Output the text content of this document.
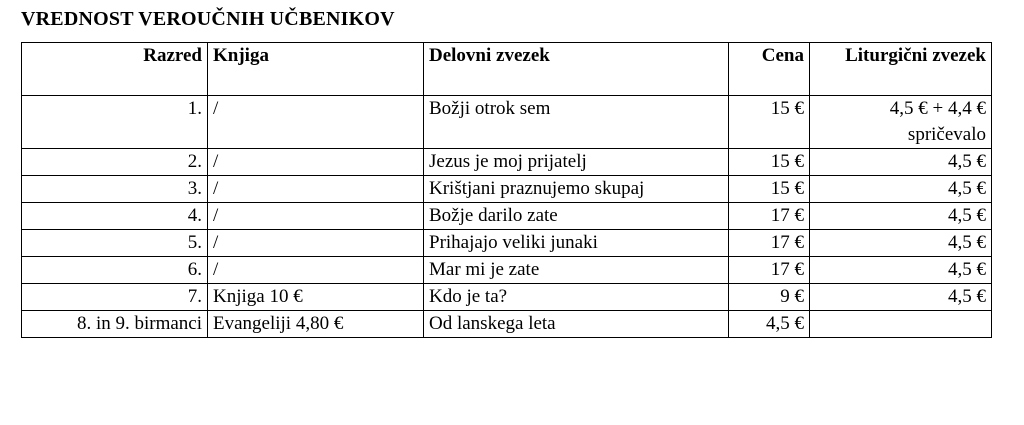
VREDNOST VEROUČNIH UČBENIKOV
Razred	Knjiga	Delovni zvezek	Cena	Liturgični zvezek
1.	/	Božji otrok sem	15 €	4,5 € + 4,4 € spričevalo
2.	/	Jezus je moj prijatelj	15 €	4,5 €
3.	/	Krištjani praznujemo skupaj	15 €	4,5 €
4.	/	Božje darilo zate	17 €	4,5 €
5.	/	Prihajajo veliki junaki	17 €	4,5 €
6.	/	Mar mi je zate	17 €	4,5 €
7.	Knjiga 10 €	Kdo je ta?	9 €	4,5 €
8. in 9. birmanci	Evangeliji 4,80 €	Od lanskega leta	4,5 €	
